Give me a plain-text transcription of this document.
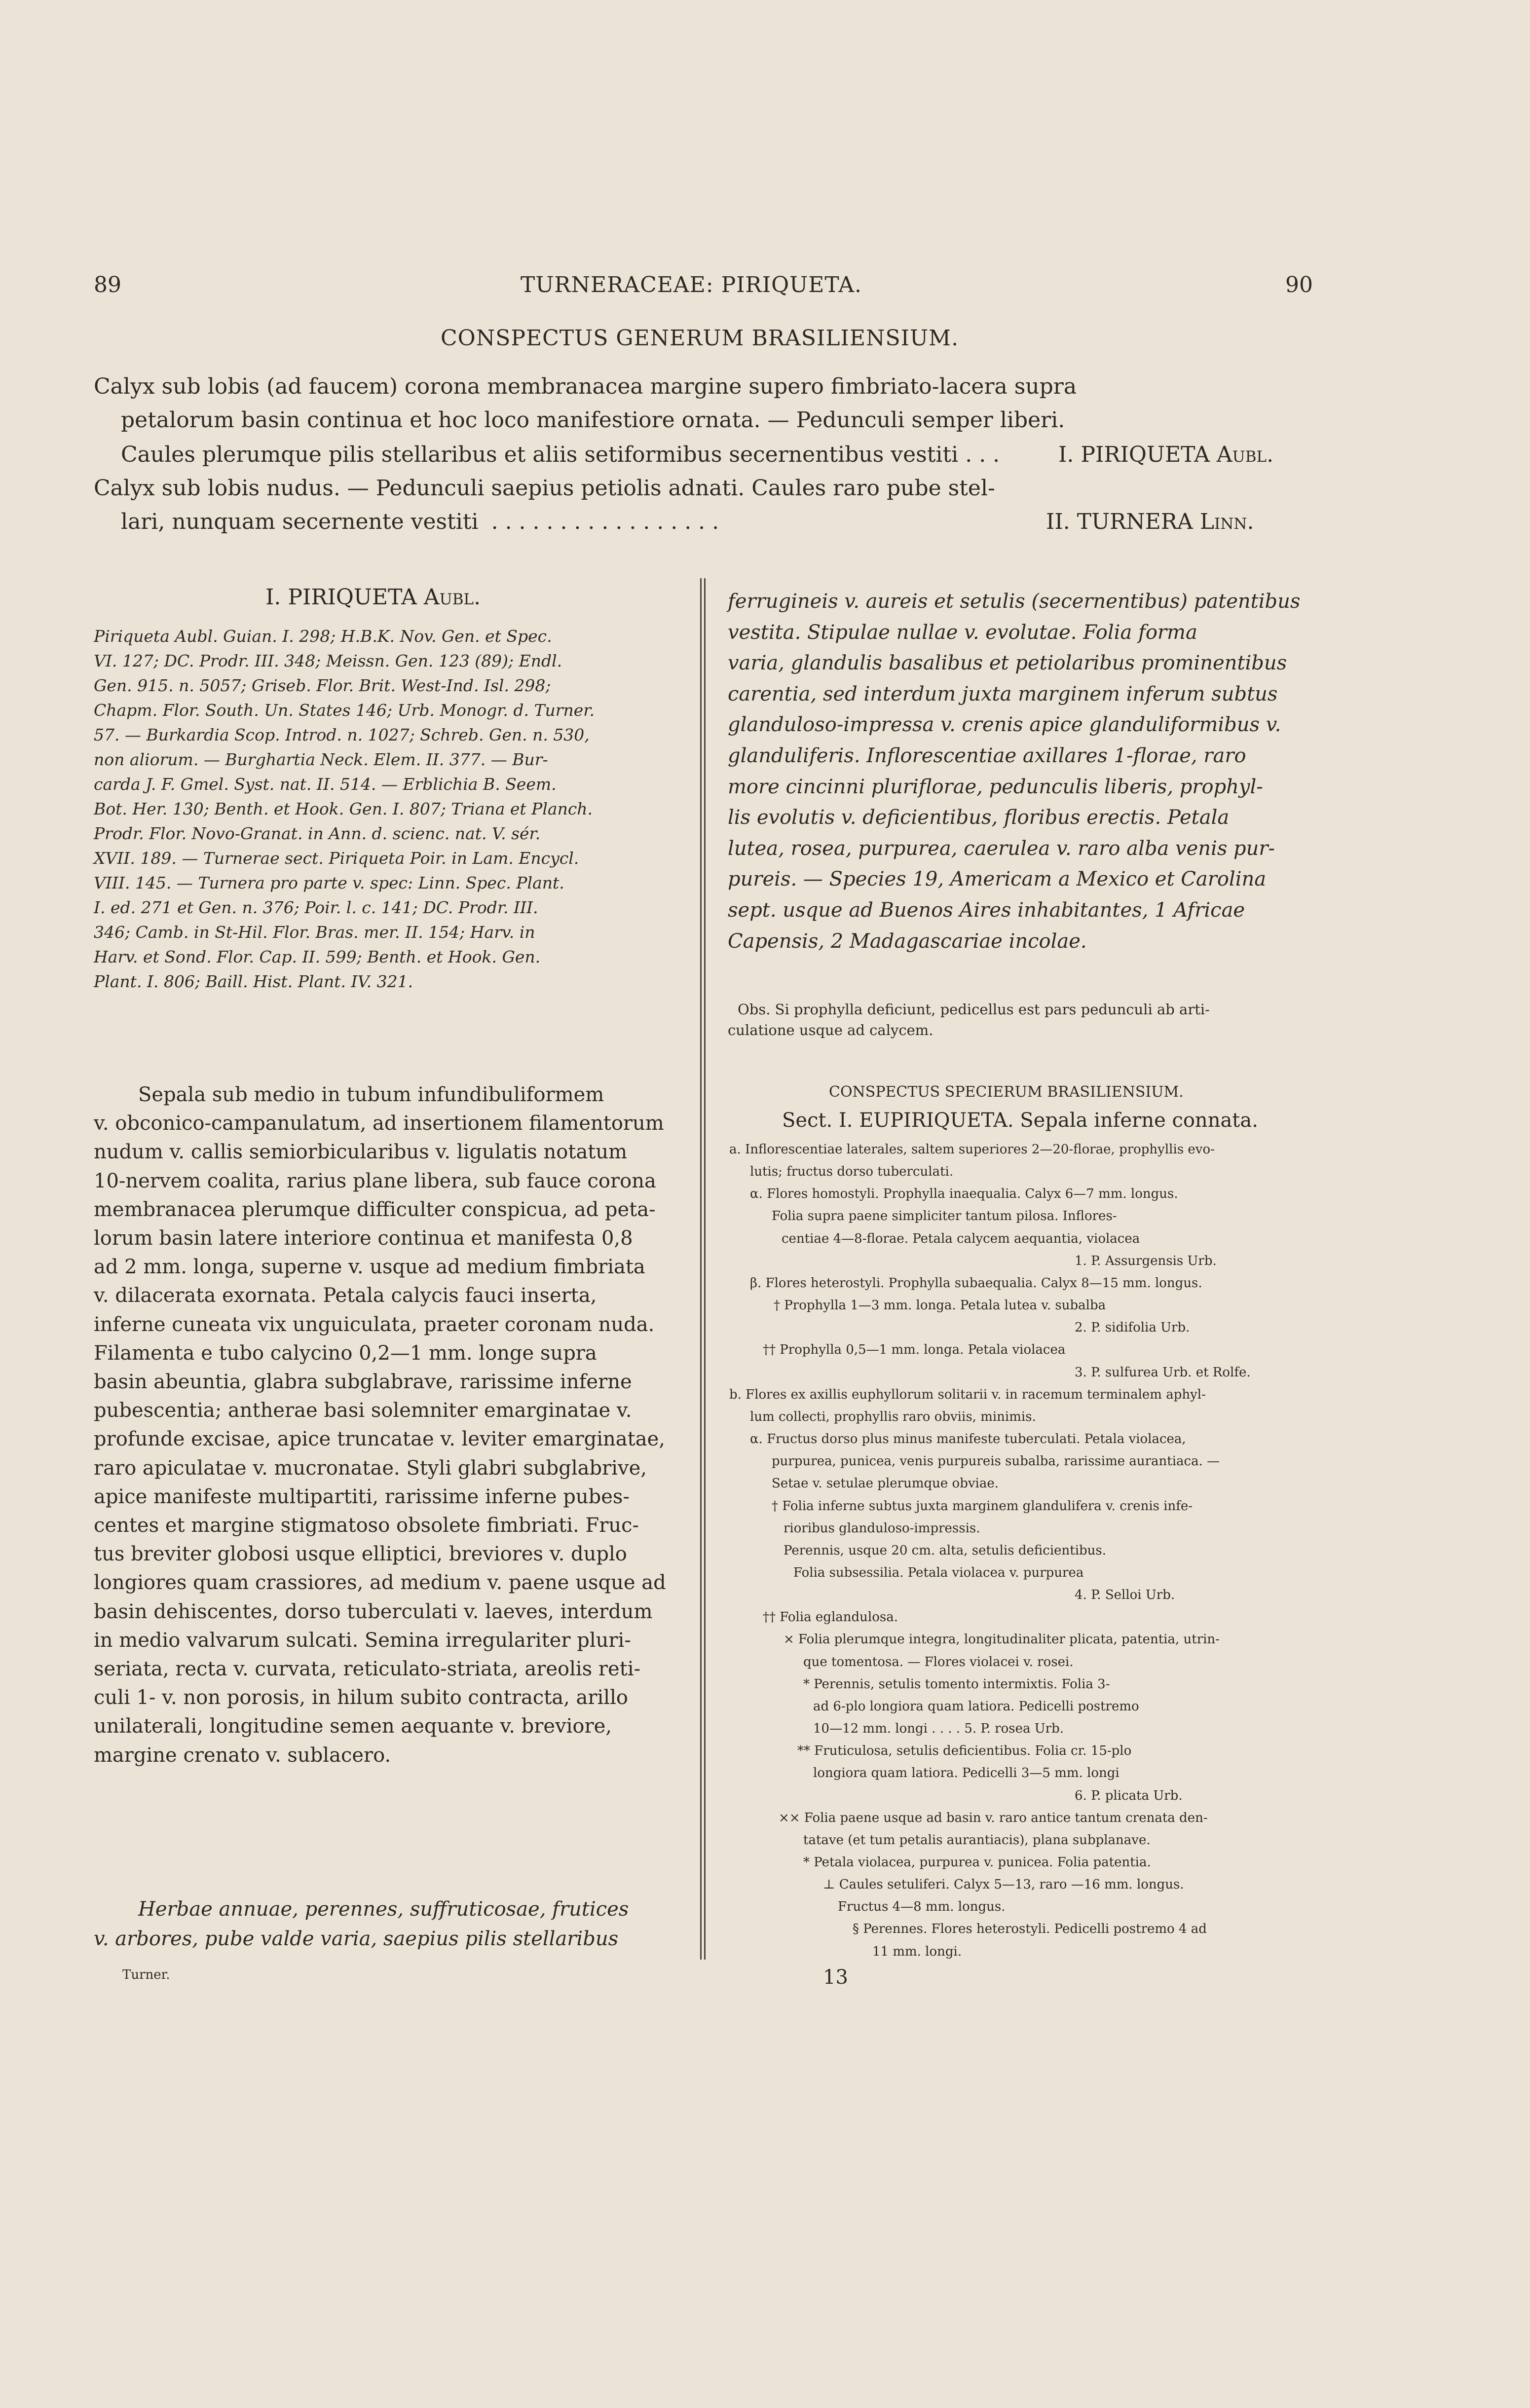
89	TURNERACEAE: PIRIQUETA.	90
CONSPECTUS GENERUM BRASILIENSIUM.
Calyx sub lobis (ad faucem) corona membranacea margine supero fimbriato-lacera supra
petalorum basin continua et hoc loco manifestiore ornata. — Pedunculi semper liberi.
Caules plerumque pilis stellaribus et aliis setiformibus secernentibus vestiti . . .	I. PIRIQUETA Aubl.
Calyx sub lobis nudus. — Pedunculi saepius petiolis adnati. Caules raro pube stel-
lari, nunquam secernente vestiti . . . . . . . . . . . . . . . . .	II. TURNERA Linn.
I. PIRIQUETA Aubl.

Piriqueta Aubl. Guian. I. 298; H.B.K. Nov. Gen. et Spec.

VI. 127; DC. Prodr. III. 348; Meissn. Gen. 123 (89); Endl.

Gen. 915. n. 5057; Griseb. Flor. Brit. West-Ind. Isl. 298;

Chapm. Flor. South. Un. States 146; Urb. Monogr. d. Turner.

57. — Burkardia Scop. Introd. n. 1027; Schreb. Gen. n. 530,

non aliorum. — Burghartia Neck. Elem. II. 377. — Bur-

carda J. F. Gmel. Syst. nat. II. 514. — Erblichia B. Seem.

Bot. Her. 130; Benth. et Hook. Gen. I. 807; Triana et Planch.

Prodr. Flor. Novo-Granat. in Ann. d. scienc. nat. V. sér.

XVII. 189. — Turnerae sect. Piriqueta Poir. in Lam. Encycl.

VIII. 145. — Turnera pro parte v. spec: Linn. Spec. Plant.

I. ed. 271 et Gen. n. 376; Poir. l. c. 141; DC. Prodr. III.

346; Camb. in St-Hil. Flor. Bras. mer. II. 154; Harv. in

Harv. et Sond. Flor. Cap. II. 599; Benth. et Hook. Gen.

Plant. I. 806; Baill. Hist. Plant. IV. 321.

Sepala sub medio in tubum infundibuliformem

v. obconico-campanulatum, ad insertionem filamentorum

nudum v. callis semiorbicularibus v. ligulatis notatum

10-nervem coalita, rarius plane libera, sub fauce corona

membranacea plerumque difficulter conspicua, ad peta-

lorum basin latere interiore continua et manifesta 0,8

ad 2 mm. longa, superne v. usque ad medium fimbriata

v. dilacerata exornata. Petala calycis fauci inserta,

inferne cuneata vix unguiculata, praeter coronam nuda.

Filamenta e tubo calycino 0,2—1 mm. longe supra

basin abeuntia, glabra subglabrave, rarissime inferne

pubescentia; antherae basi solemniter emarginatae v.

profunde excisae, apice truncatae v. leviter emarginatae,

raro apiculatae v. mucronatae. Styli glabri subglabrive,

apice manifeste multipartiti, rarissime inferne pubes-

centes et margine stigmatoso obsolete fimbriati. Fruc-

tus breviter globosi usque elliptici, breviores v. duplo

longiores quam crassiores, ad medium v. paene usque ad

basin dehiscentes, dorso tuberculati v. laeves, interdum

in medio valvarum sulcati. Semina irregulariter pluri-

seriata, recta v. curvata, reticulato-striata, areolis reti-

culi 1- v. non porosis, in hilum subito contracta, arillo

unilaterali, longitudine semen aequante v. breviore,

margine crenato v. sublacero.

Herbae annuae, perennes, suffruticosae, frutices

v. arbores, pube valde varia, saepius pilis stellaribus

Turner.

ferrugineis v. aureis et setulis (secernentibus) patentibus

vestita. Stipulae nullae v. evolutae. Folia forma

varia, glandulis basalibus et petiolaribus prominentibus

carentia, sed interdum juxta marginem inferum subtus

glanduloso-impressa v. crenis apice glanduliformibus v.

glanduliferis. Inflorescentiae axillares 1-florae, raro

more cincinni pluriflorae, pedunculis liberis, prophyl-

lis evolutis v. deficientibus, floribus erectis. Petala

lutea, rosea, purpurea, caerulea v. raro alba venis pur-

pureis. — Species 19, Americam a Mexico et Carolina

sept. usque ad Buenos Aires inhabitantes, 1 Africae

Capensis, 2 Madagascariae incolae.

Obs. Si prophylla deficiunt, pedicellus est pars pedunculi ab arti-

culatione usque ad calycem.

CONSPECTUS SPECIERUM BRASILIENSIUM.
Sect. I. EUPIRIQUETA. Sepala inferne connata.

a. Inflorescentiae laterales, saltem superiores 2—20-florae, prophyllis evo-

lutis; fructus dorso tuberculati.

α. Flores homostyli. Prophylla inaequalia. Calyx 6—7 mm. longus.

Folia supra paene simpliciter tantum pilosa. Inflores-

centiae 4—8-florae. Petala calycem aequantia, violacea

1. P. Assurgensis Urb.

β. Flores heterostyli. Prophylla subaequalia. Calyx 8—15 mm. longus.

† Prophylla 1—3 mm. longa. Petala lutea v. subalba

2. P. sidifolia Urb.

†† Prophylla 0,5—1 mm. longa. Petala violacea

3. P. sulfurea Urb. et Rolfe.

b. Flores ex axillis euphyllorum solitarii v. in racemum terminalem aphyl-

lum collecti, prophyllis raro obviis, minimis.

α. Fructus dorso plus minus manifeste tuberculati. Petala violacea,

purpurea, punicea, venis purpureis subalba, rarissime aurantiaca. —

Setae v. setulae plerumque obviae.

† Folia inferne subtus juxta marginem glandulifera v. crenis infe-

rioribus glanduloso-impressis.

Perennis, usque 20 cm. alta, setulis deficientibus.

Folia subsessilia. Petala violacea v. purpurea

4. P. Selloi Urb.

†† Folia eglandulosa.

× Folia plerumque integra, longitudinaliter plicata, patentia, utrin-

que tomentosa. — Flores violacei v. rosei.

* Perennis, setulis tomento intermixtis. Folia 3-

ad 6-plo longiora quam latiora. Pedicelli postremo

10—12 mm. longi . . . . 5. P. rosea Urb.

** Fruticulosa, setulis deficientibus. Folia cr. 15-plo

longiora quam latiora. Pedicelli 3—5 mm. longi

6. P. plicata Urb.

×× Folia paene usque ad basin v. raro antice tantum crenata den-

tatave (et tum petalis aurantiacis), plana subplanave.

* Petala violacea, purpurea v. punicea. Folia patentia.

⊥ Caules setuliferi. Calyx 5—13, raro —16 mm. longus.

Fructus 4—8 mm. longus.

§ Perennes. Flores heterostyli. Pedicelli postremo 4 ad

11 mm. longi.

13
